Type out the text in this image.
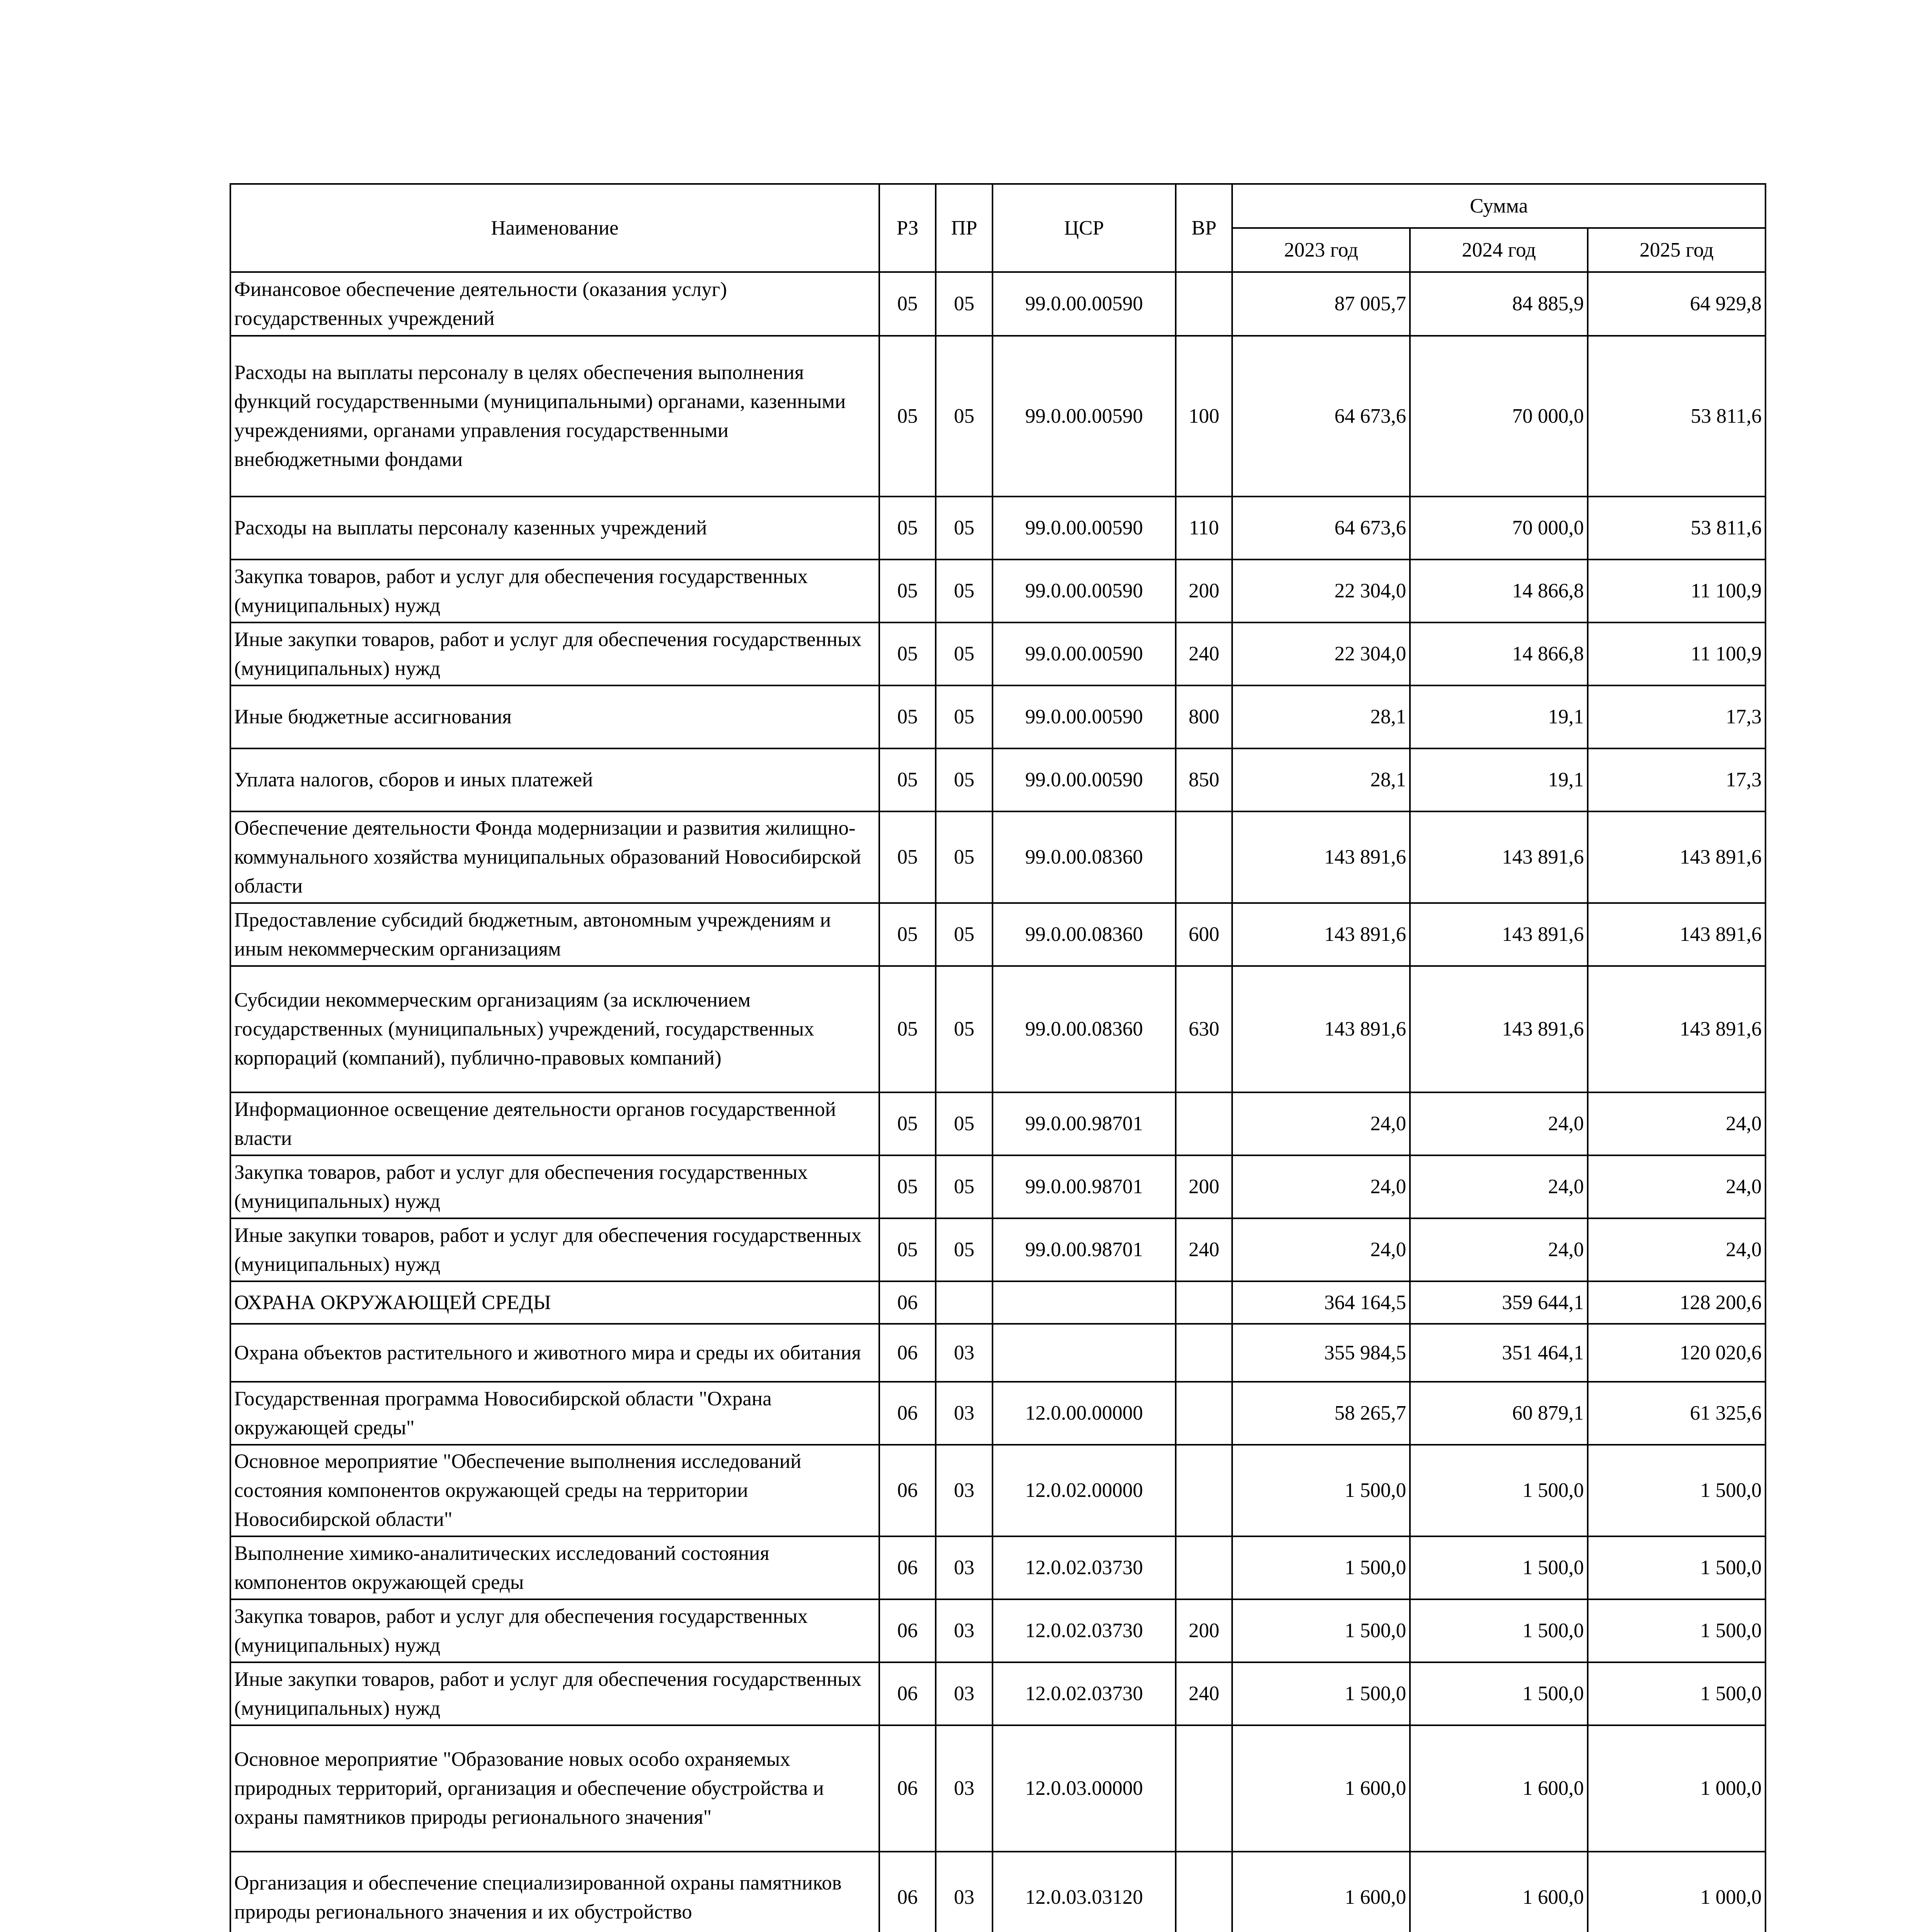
Наименование	РЗ	ПР	ЦСР	ВР	Сумма		
					2023 год	2024 год	2025 год
Финансовое обеспечение деятельности (оказания услуг) государственных учреждений	05	05	99.0.00.00590		87 005,7	84 885,9	64 929,8
Расходы на выплаты персоналу в целях обеспечения выполнения функций государственными (муниципальными) органами, казенными учреждениями, органами управления государственными внебюджетными фондами	05	05	99.0.00.00590	100	64 673,6	70 000,0	53 811,6
Расходы на выплаты персоналу казенных учреждений	05	05	99.0.00.00590	110	64 673,6	70 000,0	53 811,6
Закупка товаров, работ и услуг для обеспечения государственных (муниципальных) нужд	05	05	99.0.00.00590	200	22 304,0	14 866,8	11 100,9
Иные закупки товаров, работ и услуг для обеспечения государственных (муниципальных) нужд	05	05	99.0.00.00590	240	22 304,0	14 866,8	11 100,9
Иные бюджетные ассигнования	05	05	99.0.00.00590	800	28,1	19,1	17,3
Уплата налогов, сборов и иных платежей	05	05	99.0.00.00590	850	28,1	19,1	17,3
Обеспечение деятельности Фонда модернизации и развития жилищно-коммунального хозяйства муниципальных образований Новосибирской области	05	05	99.0.00.08360		143 891,6	143 891,6	143 891,6
Предоставление субсидий бюджетным, автономным учреждениям и иным некоммерческим организациям	05	05	99.0.00.08360	600	143 891,6	143 891,6	143 891,6
Субсидии некоммерческим организациям (за исключением государственных (муниципальных) учреждений, государственных корпораций (компаний), публично-правовых компаний)	05	05	99.0.00.08360	630	143 891,6	143 891,6	143 891,6
Информационное освещение деятельности органов государственной власти	05	05	99.0.00.98701		24,0	24,0	24,0
Закупка товаров, работ и услуг для обеспечения государственных (муниципальных) нужд	05	05	99.0.00.98701	200	24,0	24,0	24,0
Иные закупки товаров, работ и услуг для обеспечения государственных (муниципальных) нужд	05	05	99.0.00.98701	240	24,0	24,0	24,0
ОХРАНА ОКРУЖАЮЩЕЙ СРЕДЫ	06				364 164,5	359 644,1	128 200,6
Охрана объектов растительного и животного мира и среды их обитания	06	03			355 984,5	351 464,1	120 020,6
Государственная программа Новосибирской области "Охрана окружающей среды"	06	03	12.0.00.00000		58 265,7	60 879,1	61 325,6
Основное мероприятие "Обеспечение выполнения исследований состояния компонентов окружающей среды на территории Новосибирской области"	06	03	12.0.02.00000		1 500,0	1 500,0	1 500,0
Выполнение химико-аналитических исследований состояния компонентов окружающей среды	06	03	12.0.02.03730		1 500,0	1 500,0	1 500,0
Закупка товаров, работ и услуг для обеспечения государственных (муниципальных) нужд	06	03	12.0.02.03730	200	1 500,0	1 500,0	1 500,0
Иные закупки товаров, работ и услуг для обеспечения государственных (муниципальных) нужд	06	03	12.0.02.03730	240	1 500,0	1 500,0	1 500,0
Основное мероприятие "Образование новых особо охраняемых природных территорий, организация и обеспечение обустройства и охраны памятников природы регионального значения"	06	03	12.0.03.00000		1 600,0	1 600,0	1 000,0
Организация и обеспечение специализированной охраны памятников природы регионального значения и их обустройство	06	03	12.0.03.03120		1 600,0	1 600,0	1 000,0
